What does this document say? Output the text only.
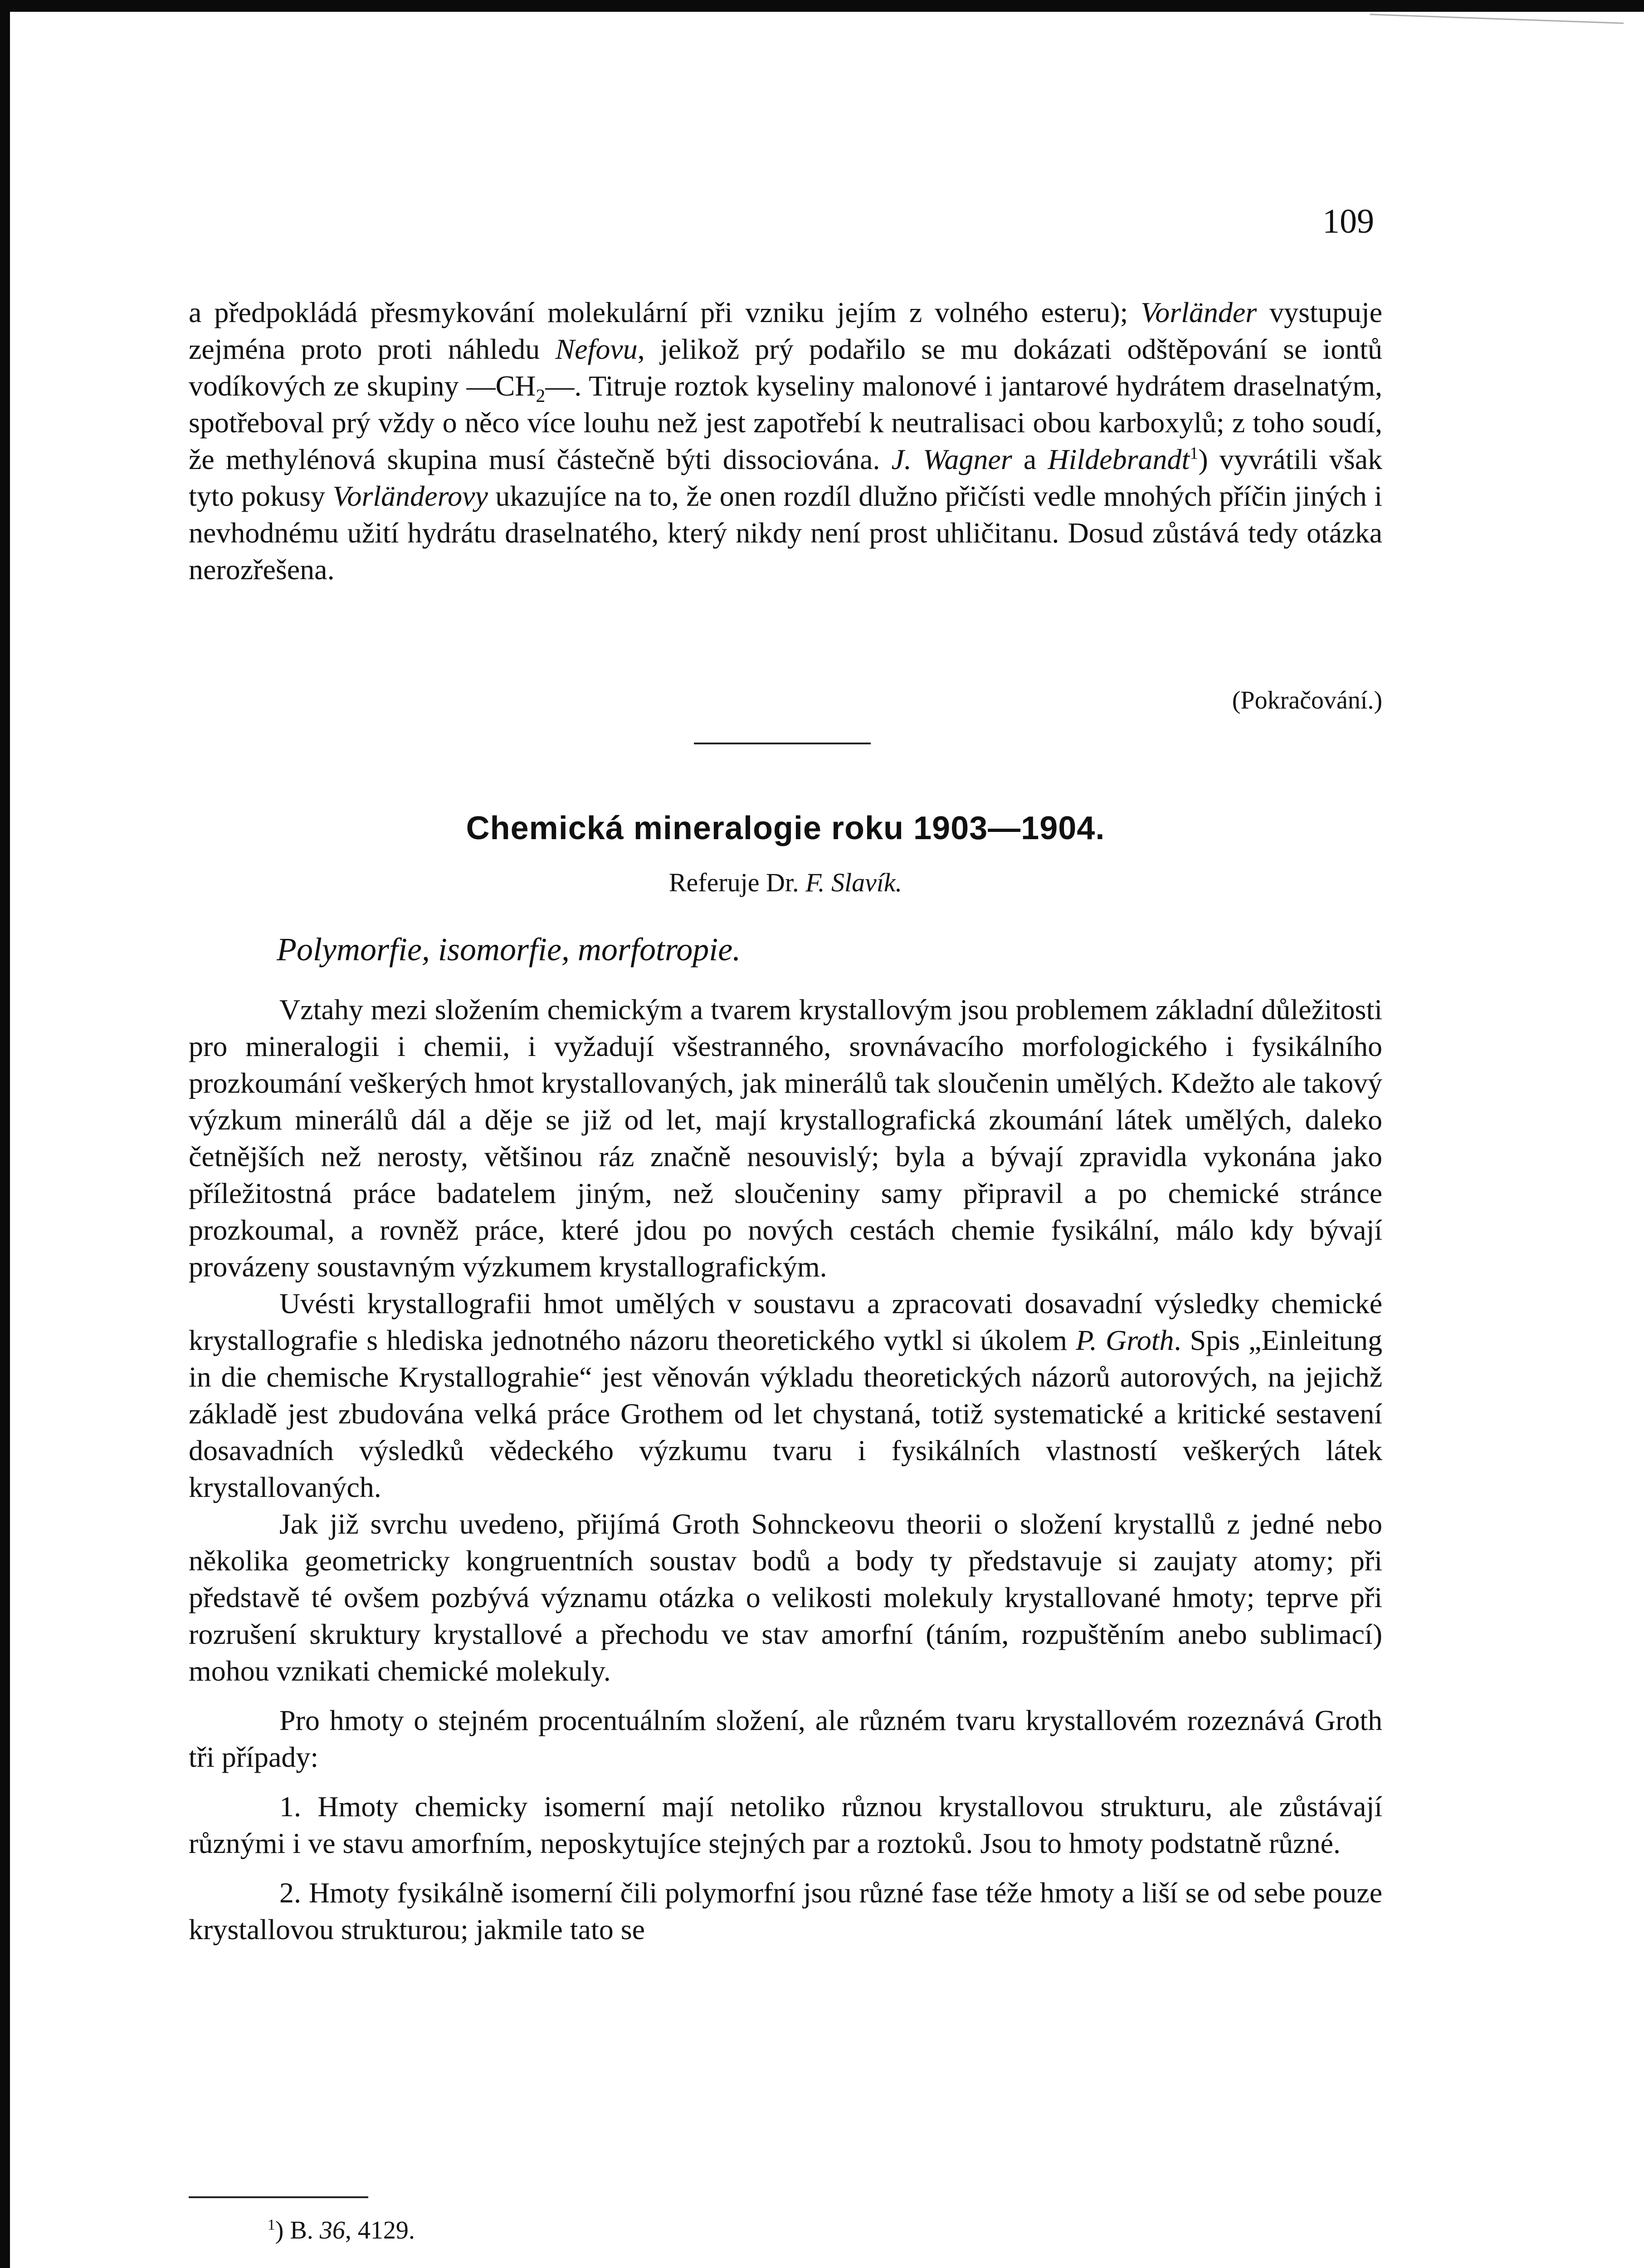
109

a předpokládá přesmykování molekulární při vzniku jejím z volného esteru); Vorländer vystupuje zejména proto proti náhledu Nefovu, jelikož prý podařilo se mu dokázati odštěpování se iontů vodíkových ze skupiny $—CH_2—$. Titruje roztok kyseliny malonové i jantarové hydrátem draselnatým, spotřeboval prý vždy o něco více louhu než jest zapotřebí k neutralisaci obou karboxylů; z toho soudí, že methylénová skupina musí částečně býti dissociována. J. Wagner a Hildebrandt$^1$) vyvrátili však tyto pokusy Vorländerovy ukazujíce na to, že onen rozdíl dlužno přičísti vedle mnohých příčin jiných i nevhodnému užití hydrátu draselnatého, který nikdy není prost uhličitanu. Dosud zůstává tedy otázka nerozřešena.

(Pokračování.)
Chemická mineralogie roku 1903—1904.
Referuje Dr. F. Slavík.
Polymorfie, isomorfie, morfotropie.

Vztahy mezi složením chemickým a tvarem krystallovým jsou problemem základní důležitosti pro mineralogii i chemii, i vyžadují všestranného, srovnávacího morfologického i fysikálního prozkoumání veškerých hmot krystallovaných, jak minerálů tak sloučenin umělých. Kdežto ale takový výzkum minerálů dál a děje se již od let, mají krystallografická zkoumání látek umělých, daleko četnějších než nerosty, většinou ráz značně nesouvislý; byla a bývají zpravidla vykonána jako příležitostná práce badatelem jiným, než sloučeniny samy připravil a po chemické stránce prozkoumal, a rovněž práce, které jdou po nových cestách chemie fysikální, málo kdy bývají provázeny soustavným výzkumem krystallografickým.

Uvésti krystallografii hmot umělých v soustavu a zpracovati dosavadní výsledky chemické krystallografie s hlediska jednotného názoru theoretického vytkl si úkolem P. Groth. Spis „Einleitung in die chemische Krystallograhie“ jest věnován výkladu theoretických názorů autorových, na jejichž základě jest zbudována velká práce Grothem od let chystaná, totiž systematické a kritické sestavení dosavadních výsledků vědeckého výzkumu tvaru i fysikálních vlastností veškerých látek krystallovaných.

Jak již svrchu uvedeno, přijímá Groth Sohnckeovu theorii o složení krystallů z jedné nebo několika geometricky kongruentních soustav bodů a body ty představuje si zaujaty atomy; při představě té ovšem pozbývá významu otázka o velikosti molekuly krystallované hmoty; teprve při rozrušení skruktury krystallové a přechodu ve stav amorfní (táním, rozpuštěním anebo sublimací) mohou vznikati chemické molekuly.

Pro hmoty o stejném procentuálním složení, ale různém tvaru krystallovém rozeznává Groth tři případy:

1. Hmoty chemicky isomerní mají netoliko různou krystallovou strukturu, ale zůstávají různými i ve stavu amorfním, neposkytujíce stejných par a roztoků. Jsou to hmoty podstatně různé.

2. Hmoty fysikálně isomerní čili polymorfní jsou různé fase téže hmoty a liší se od sebe pouze krystallovou strukturou; jakmile tato se

$^1$) B. 36, 4129.
